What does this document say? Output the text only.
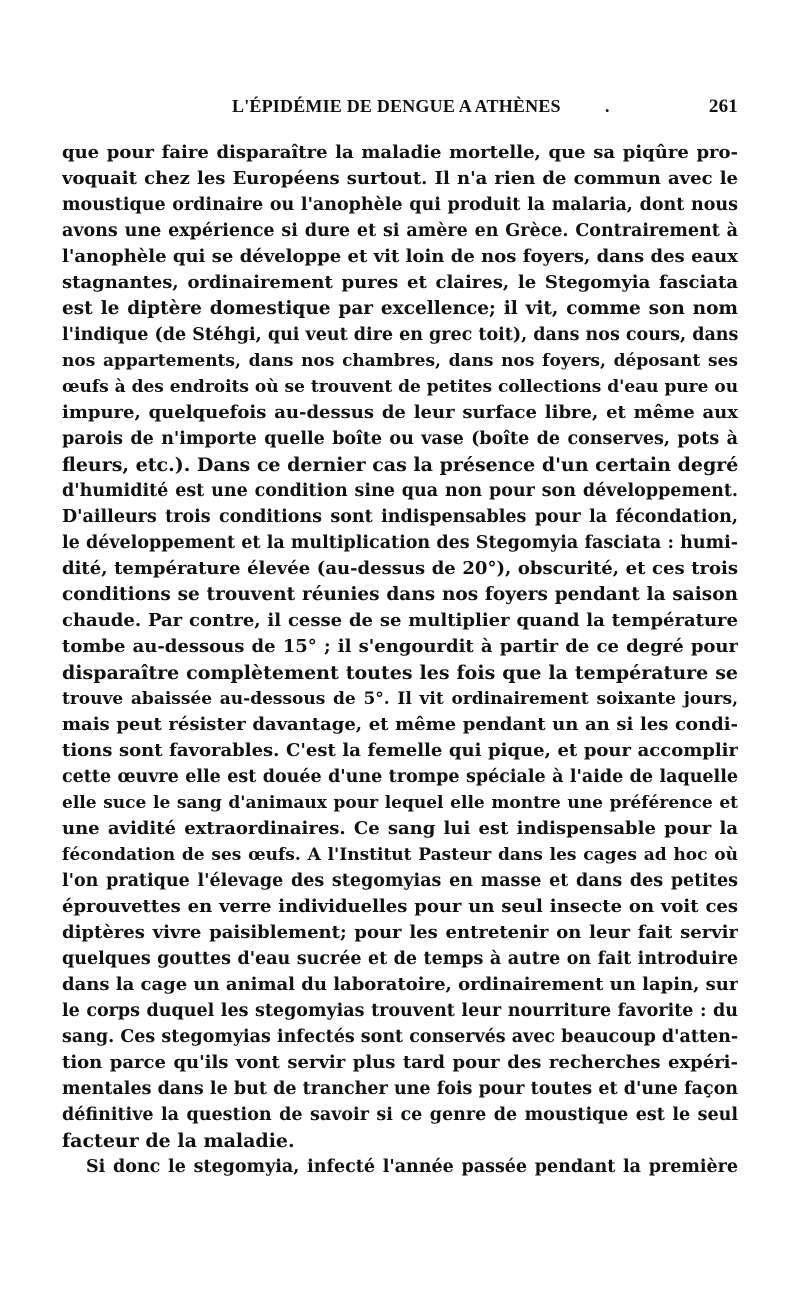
L'ÉPIDÉMIE DE DENGUE A ATHÈNES .	261
que pour faire disparaître la maladie mortelle, que sa piqûre pro-
voquait chez les Européens surtout. Il n'a rien de commun avec le
moustique ordinaire ou l'anophèle qui produit la malaria, dont nous
avons une expérience si dure et si amère en Grèce. Contrairement à
l'anophèle qui se développe et vit loin de nos foyers, dans des eaux
stagnantes, ordinairement pures et claires, le Stegomyia fasciata
est le diptère domestique par excellence; il vit, comme son nom
l'indique (de Stéhgi, qui veut dire en grec toit), dans nos cours, dans
nos appartements, dans nos chambres, dans nos foyers, déposant ses
œufs à des endroits où se trouvent de petites collections d'eau pure ou
impure, quelquefois au-dessus de leur surface libre, et même aux
parois de n'importe quelle boîte ou vase (boîte de conserves, pots à
fleurs, etc.). Dans ce dernier cas la présence d'un certain degré
d'humidité est une condition sine qua non pour son développement.
D'ailleurs trois conditions sont indispensables pour la fécondation,
le développement et la multiplication des Stegomyia fasciata : humi-
dité, température élevée (au-dessus de 20°), obscurité, et ces trois
conditions se trouvent réunies dans nos foyers pendant la saison
chaude. Par contre, il cesse de se multiplier quand la température
tombe au-dessous de 15° ; il s'engourdit à partir de ce degré pour
disparaître complètement toutes les fois que la température se
trouve abaissée au-dessous de 5°. Il vit ordinairement soixante jours,
mais peut résister davantage, et même pendant un an si les condi-
tions sont favorables. C'est la femelle qui pique, et pour accomplir
cette œuvre elle est douée d'une trompe spéciale à l'aide de laquelle
elle suce le sang d'animaux pour lequel elle montre une préférence et
une avidité extraordinaires. Ce sang lui est indispensable pour la
fécondation de ses œufs. A l'Institut Pasteur dans les cages ad hoc où
l'on pratique l'élevage des stegomyias en masse et dans des petites
éprouvettes en verre individuelles pour un seul insecte on voit ces
diptères vivre paisiblement; pour les entretenir on leur fait servir
quelques gouttes d'eau sucrée et de temps à autre on fait introduire
dans la cage un animal du laboratoire, ordinairement un lapin, sur
le corps duquel les stegomyias trouvent leur nourriture favorite : du
sang. Ces stegomyias infectés sont conservés avec beaucoup d'atten-
tion parce qu'ils vont servir plus tard pour des recherches expéri-
mentales dans le but de trancher une fois pour toutes et d'une façon
définitive la question de savoir si ce genre de moustique est le seul
facteur de la maladie.
Si donc le stegomyia, infecté l'année passée pendant la première
